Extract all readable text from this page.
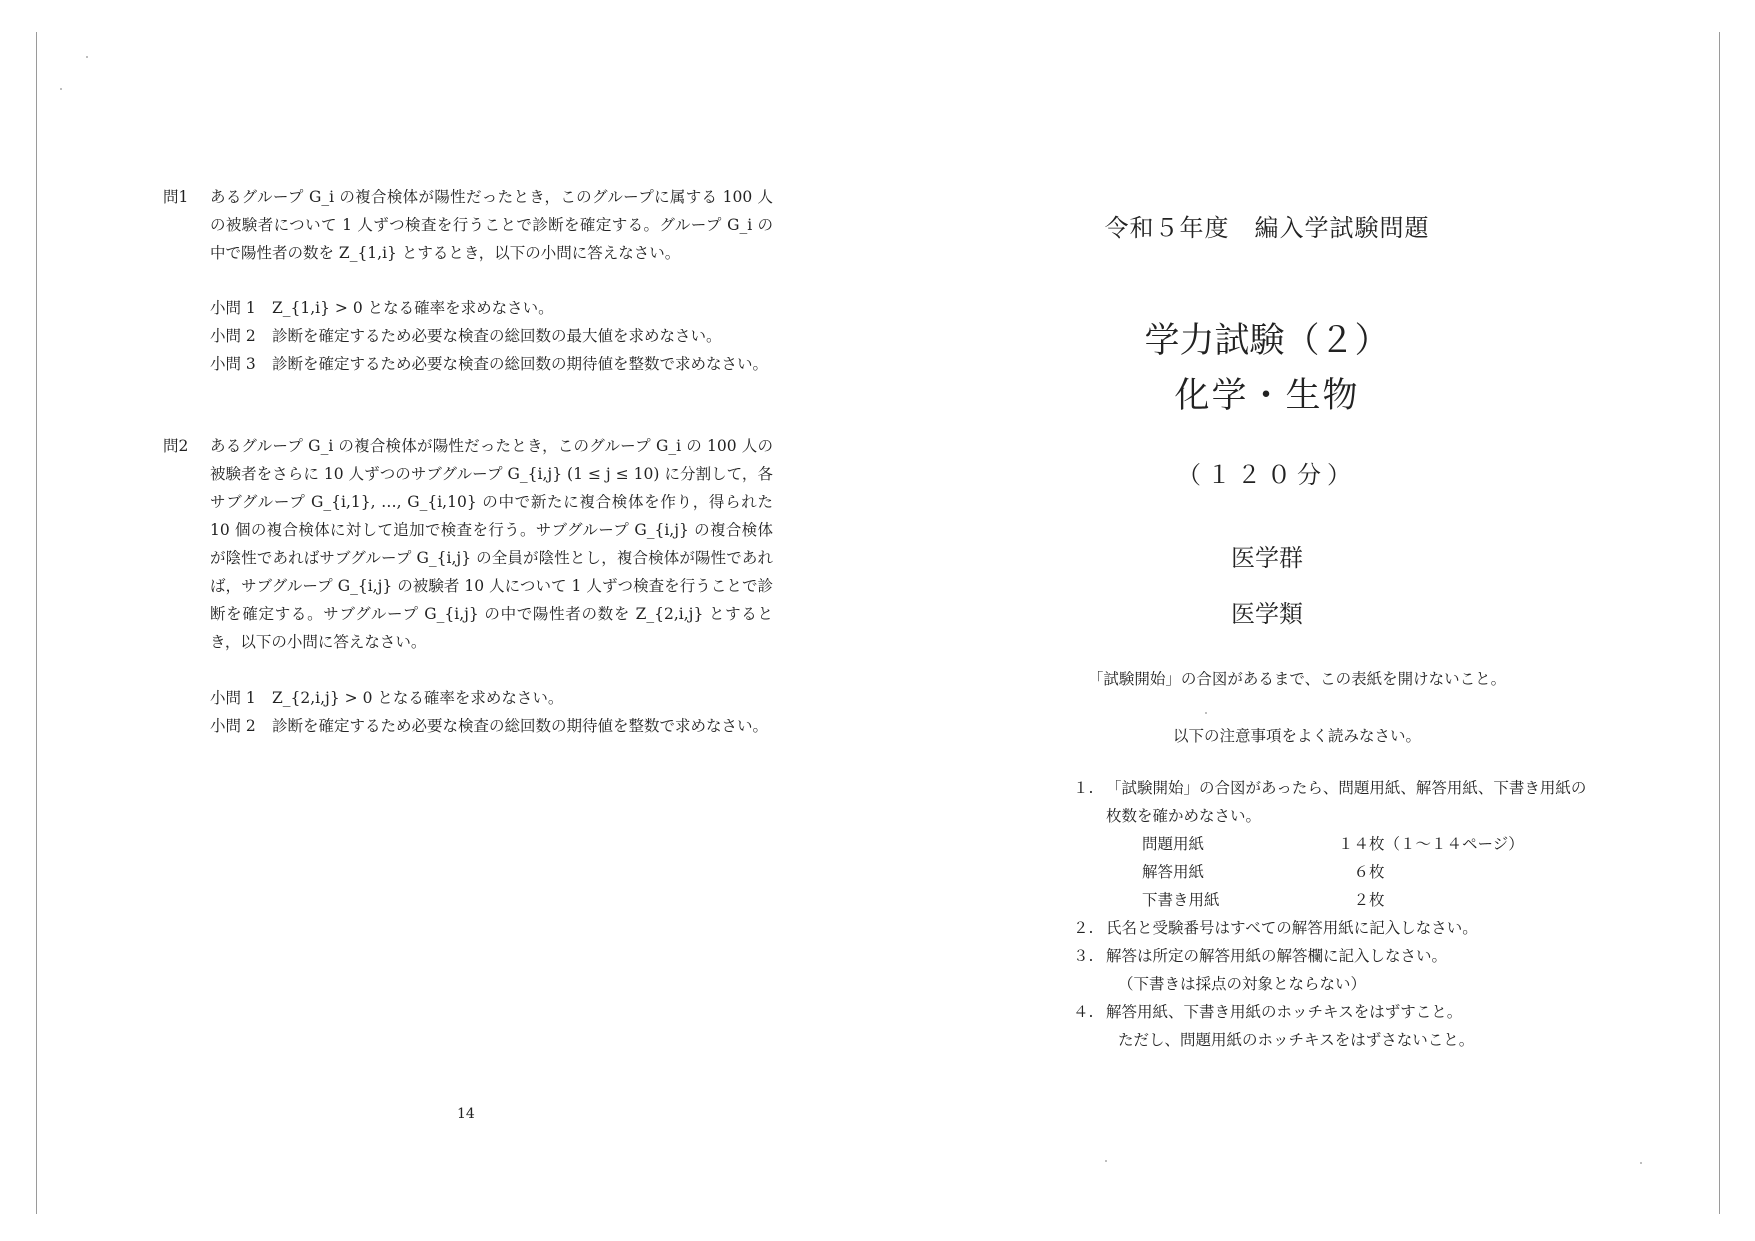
問1 あるグループ G_i の複合検体が陽性だったとき，このグループに属する 100 人の被験者について 1 人ずつ検査を行うことで診断を確定する。グループ G_i の中で陽性者の数を Z_{1,i} とするとき，以下の小問に答えなさい。
小問 1 Z_{1,i} > 0 となる確率を求めなさい。
小問 2 診断を確定するため必要な検査の総回数の最大値を求めなさい。
小問 3 診断を確定するため必要な検査の総回数の期待値を整数で求めなさい。
問2 あるグループ G_i の複合検体が陽性だったとき，このグループ G_i の 100 人の被験者をさらに 10 人ずつのサブグループ G_{i,j} (1 ≤ j ≤ 10) に分割して，各サブグループ G_{i,1}, …, G_{i,10} の中で新たに複合検体を作り，得られた 10 個の複合検体に対して追加で検査を行う。サブグループ G_{i,j} の複合検体が陰性であればサブグループ G_{i,j} の全員が陰性とし，複合検体が陽性であれば，サブグループ G_{i,j} の被験者 10 人について 1 人ずつ検査を行うことで診断を確定する。サブグループ G_{i,j} の中で陽性者の数を Z_{2,i,j} とするとき，以下の小問に答えなさい。
小問 1 Z_{2,i,j} > 0 となる確率を求めなさい。
小問 2 診断を確定するため必要な検査の総回数の期待値を整数で求めなさい。
14
令和５年度　編入学試験問題
学力試験（２）
化学・生物
（１２０分）
医学群
医学類
「試験開始」の合図があるまで、この表紙を開けないこと。
以下の注意事項をよく読みなさい。
１. 「試験開始」の合図があったら、問題用紙、解答用紙、下書き用紙の枚数を確かめなさい。
問題用紙	１４枚（１～１４ページ）
解答用紙	　６枚
下書き用紙	　２枚
２. 氏名と受験番号はすべての解答用紙に記入しなさい。
３. 解答は所定の解答用紙の解答欄に記入しなさい。
（下書きは採点の対象とならない）
４. 解答用紙、下書き用紙のホッチキスをはずすこと。
ただし、問題用紙のホッチキスをはずさないこと。
